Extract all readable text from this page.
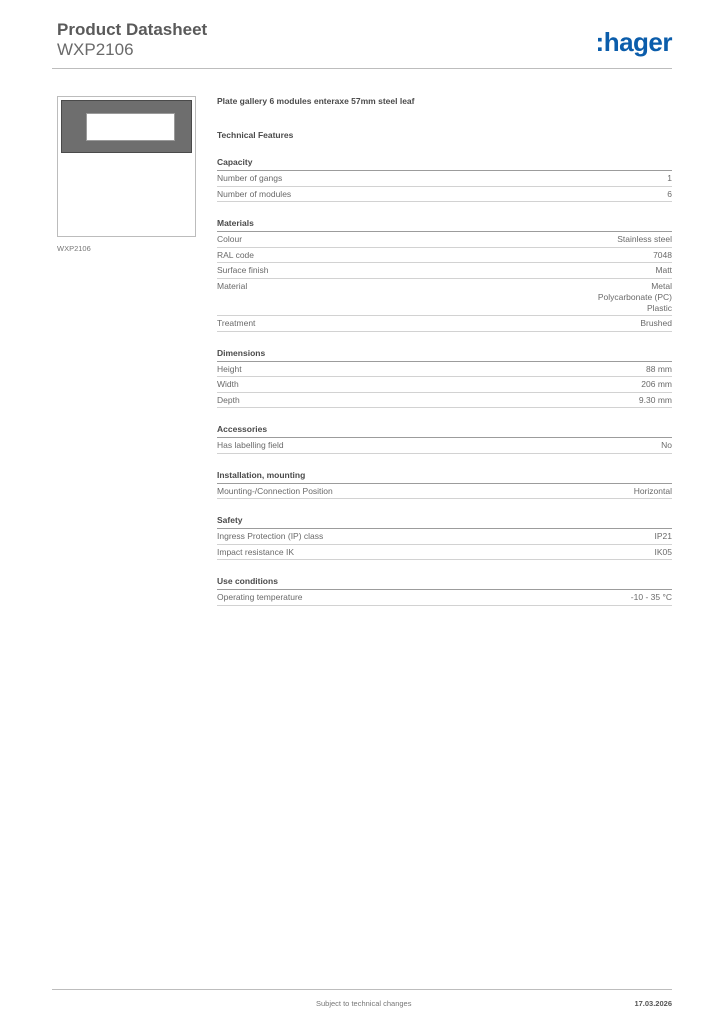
Product Datasheet
WXP2106	:hager
WXP2106
Plate gallery 6 modules enteraxe 57mm steel leaf
Technical Features
Capacity
Number of gangs	1
Number of modules	6
Materials
Colour	Stainless steel
RAL code	7048
Surface finish	Matt
Material	Metal
Polycarbonate (PC)
Plastic
Treatment	Brushed
Dimensions
Height	88 mm
Width	206 mm
Depth	9.30 mm
Accessories
Has labelling field	No
Installation, mounting
Mounting-/Connection Position	Horizontal
Safety
Ingress Protection (IP) class	IP21
Impact resistance IK	IK05
Use conditions
Operating temperature	-10 - 35 °C
Subject to technical changes	17.03.2026
